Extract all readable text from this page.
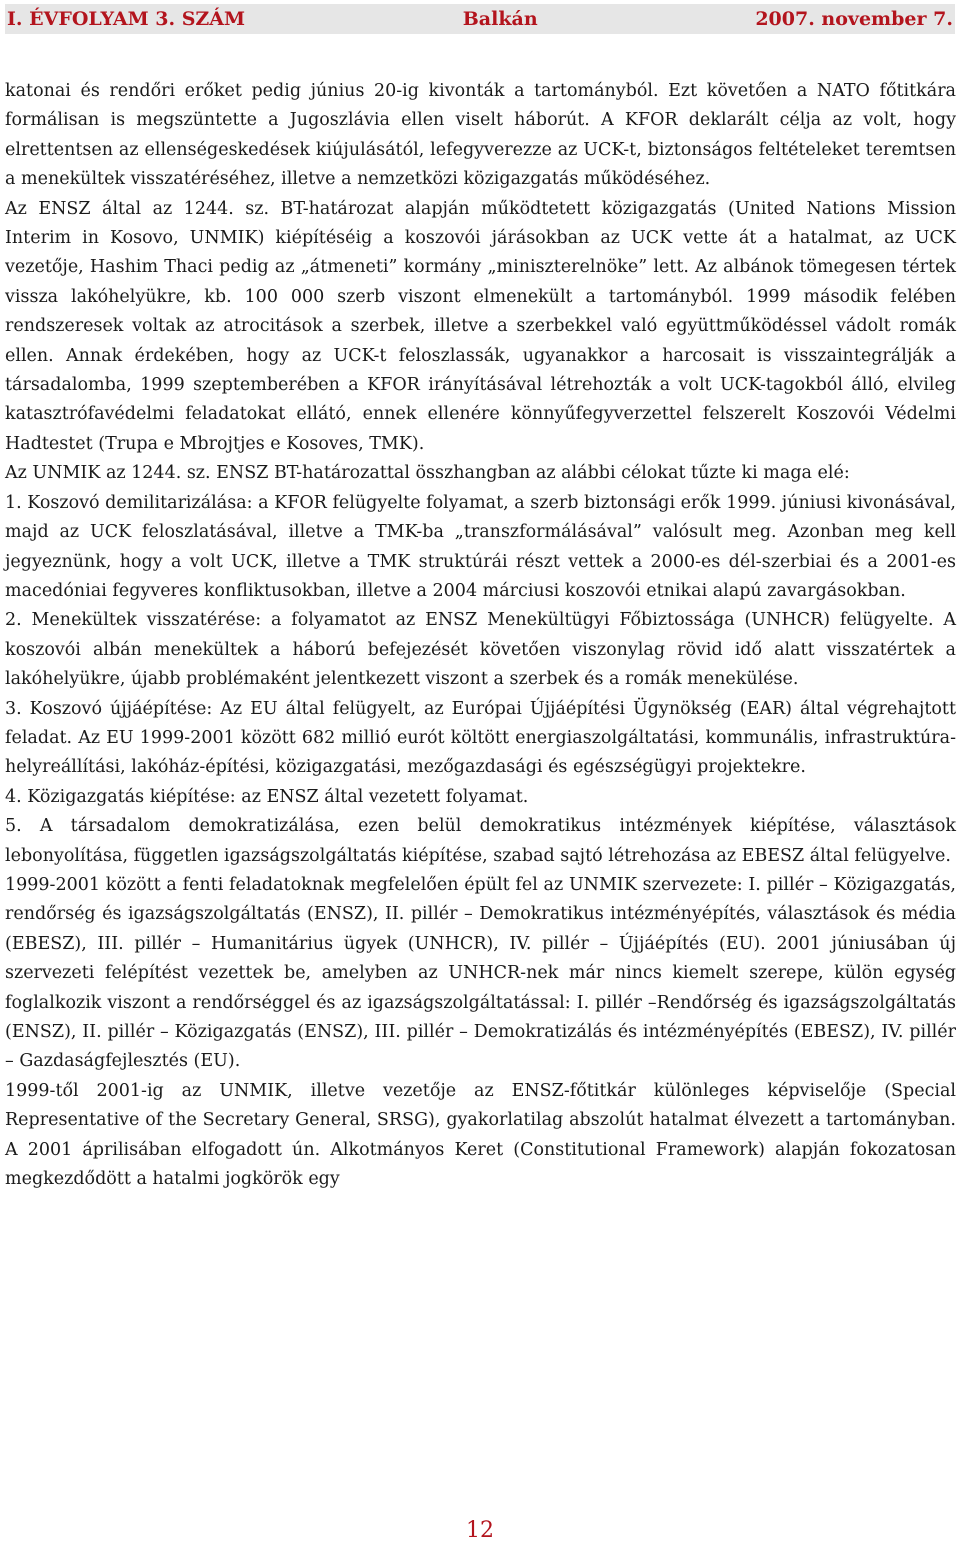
I. ÉVFOLYAM 3. SZÁM	Balkán	2007. november 7.

katonai és rendőri erőket pedig június 20-ig kivonták a tartományból. Ezt követően a NATO főtitkára formálisan is megszüntette a Jugoszlávia ellen viselt háborút. A KFOR deklarált célja az volt, hogy elrettentsen az ellenségeskedések kiújulásától, lefegyverezze az UCK-t, biztonságos feltételeket teremtsen a menekültek visszatéréséhez, illetve a nemzetközi közigazgatás működéséhez.

Az ENSZ által az 1244. sz. BT-határozat alapján működtetett közigazgatás (United Nations Mission Interim in Kosovo, UNMIK) kiépítéséig a koszovói járásokban az UCK vette át a hatalmat, az UCK vezetője, Hashim Thaci pedig az „átmeneti” kormány „miniszterelnöke” lett. Az albánok tömegesen tértek vissza lakóhelyükre, kb. 100 000 szerb viszont elmenekült a tartományból. 1999 második felében rendszeresek voltak az atrocitások a szerbek, illetve a szerbekkel való együttműködéssel vádolt romák ellen. Annak érdekében, hogy az UCK-t feloszlassák, ugyanakkor a harcosait is visszaintegrálják a társadalomba, 1999 szeptemberében a KFOR irányításával létrehozták a volt UCK-tagokból álló, elvileg katasztrófavédelmi feladatokat ellátó, ennek ellenére könnyűfegyverzettel felszerelt Koszovói Védelmi Hadtestet (Trupa e Mbrojtjes e Kosoves, TMK).

Az UNMIK az 1244. sz. ENSZ BT-határozattal összhangban az alábbi célokat tűzte ki maga elé:

1. Koszovó demilitarizálása: a KFOR felügyelte folyamat, a szerb biztonsági erők 1999. júniusi kivonásával, majd az UCK feloszlatásával, illetve a TMK-ba „transzformálásával” valósult meg. Azonban meg kell jegyeznünk, hogy a volt UCK, illetve a TMK struktúrái részt vettek a 2000-es dél-szerbiai és a 2001-es macedóniai fegyveres konfliktusokban, illetve a 2004 márciusi koszovói etnikai alapú zavargásokban.

2. Menekültek visszatérése: a folyamatot az ENSZ Menekültügyi Főbiztossága (UNHCR) felügyelte. A koszovói albán menekültek a háború befejezését követően viszonylag rövid idő alatt visszatértek a lakóhelyükre, újabb problémaként jelentkezett viszont a szerbek és a romák menekülése.

3. Koszovó újjáépítése: Az EU által felügyelt, az Európai Újjáépítési Ügynökség (EAR) által végrehajtott feladat. Az EU 1999-2001 között 682 millió eurót költött energiaszolgáltatási, kommunális, infrastruktúra-helyreállítási, lakóház-építési, közigazgatási, mezőgazdasági és egészségügyi projektekre.

4. Közigazgatás kiépítése: az ENSZ által vezetett folyamat.

5. A társadalom demokratizálása, ezen belül demokratikus intézmények kiépítése, választások lebonyolítása, független igazságszolgáltatás kiépítése, szabad sajtó létrehozása az EBESZ által felügyelve.

1999-2001 között a fenti feladatoknak megfelelően épült fel az UNMIK szervezete: I. pillér – Közigazgatás, rendőrség és igazságszolgáltatás (ENSZ), II. pillér – Demokratikus intézményépítés, választások és média (EBESZ), III. pillér – Humanitárius ügyek (UNHCR), IV. pillér – Újjáépítés (EU). 2001 júniusában új szervezeti felépítést vezettek be, amelyben az UNHCR-nek már nincs kiemelt szerepe, külön egység foglalkozik viszont a rendőrséggel és az igazságszolgáltatással: I. pillér –Rendőrség és igazságszolgáltatás (ENSZ), II. pillér – Közigazgatás (ENSZ), III. pillér – Demokratizálás és intézményépítés (EBESZ), IV. pillér – Gazdaságfejlesztés (EU).

1999-től 2001-ig az UNMIK, illetve vezetője az ENSZ-főtitkár különleges képviselője (Special Representative of the Secretary General, SRSG), gyakorlatilag abszolút hatalmat élvezett a tartományban. A 2001 áprilisában elfogadott ún. Alkotmányos Keret (Constitutional Framework) alapján fokozatosan megkezdődött a hatalmi jogkörök egy

12
